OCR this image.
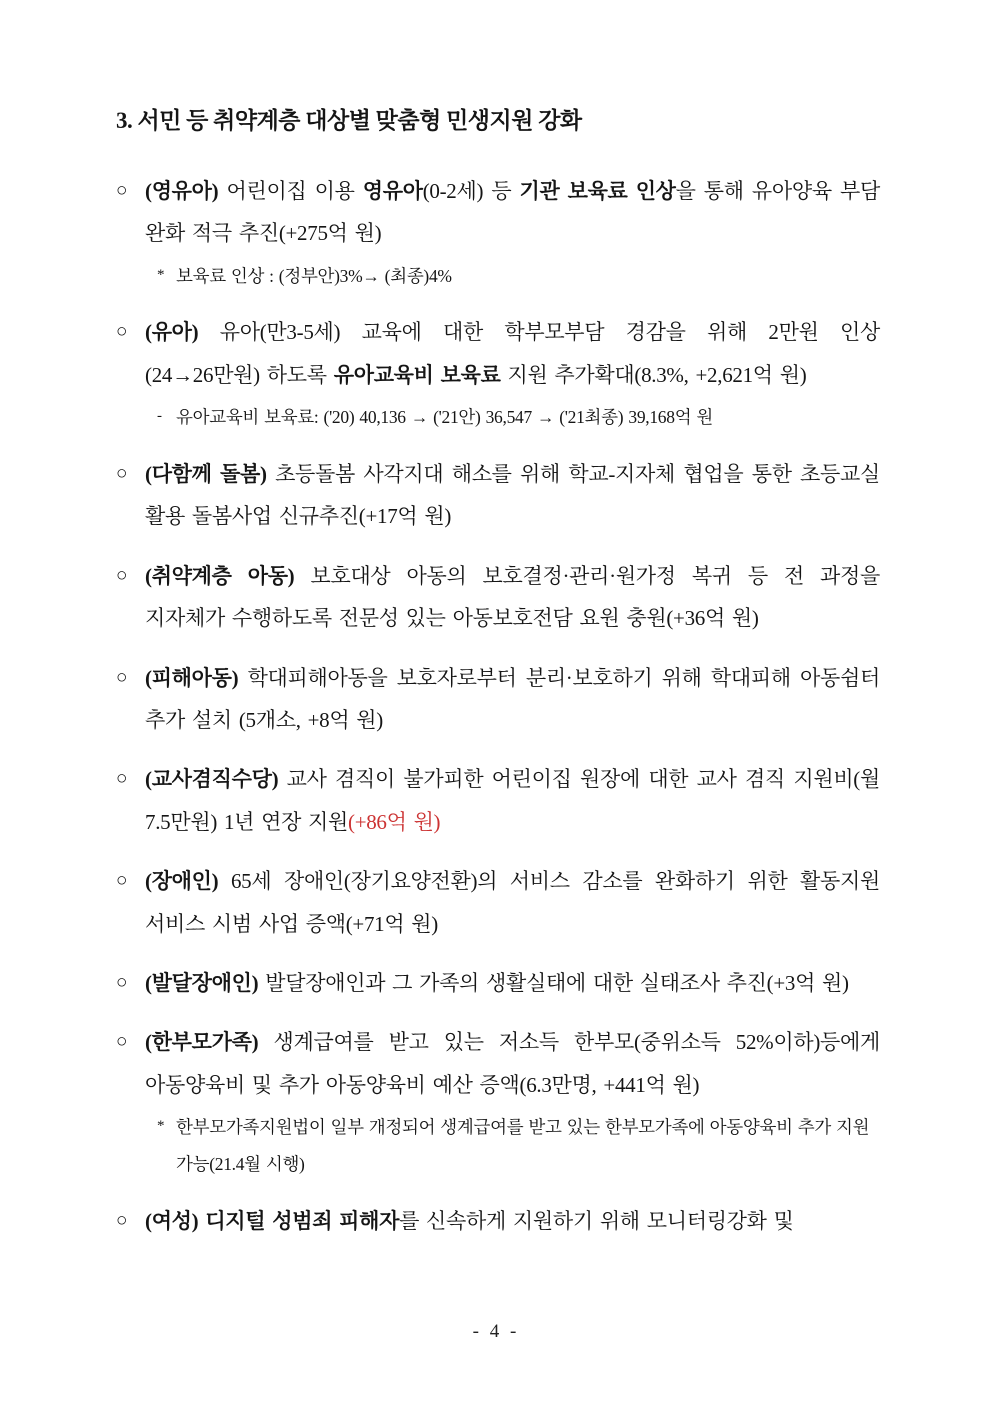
3. 서민 등 취약계층 대상별 맞춤형 민생지원 강화
○ (영유아) 어린이집 이용 영유아(0-2세) 등 기관 보육료 인상을 통해 유아양육 부담 완화 적극 추진(+275억 원)
* 보육료 인상 : (정부안)3%→ (최종)4%
○ (유아) 유아(만3-5세) 교육에 대한 학부모부담 경감을 위해 2만원 인상 (24→26만원) 하도록 유아교육비 보육료 지원 추가확대(8.3%, +2,621억 원)
- 유아교육비 보육료: ('20) 40,136 → ('21안) 36,547 → ('21최종) 39,168억 원
○ (다함께 돌봄) 초등돌봄 사각지대 해소를 위해 학교-지자체 협업을 통한 초등교실 활용 돌봄사업 신규추진(+17억 원)
○ (취약계층 아동) 보호대상 아동의 보호결정·관리·원가정 복귀 등 전 과정을 지자체가 수행하도록 전문성 있는 아동보호전담 요원 충원(+36억 원)
○ (피해아동) 학대피해아동을 보호자로부터 분리·보호하기 위해 학대피해 아동쉼터 추가 설치 (5개소, +8억 원)
○ (교사겸직수당) 교사 겸직이 불가피한 어린이집 원장에 대한 교사 겸직 지원비(월 7.5만원) 1년 연장 지원(+86억 원)
○ (장애인) 65세 장애인(장기요양전환)의 서비스 감소를 완화하기 위한 활동지원 서비스 시범 사업 증액(+71억 원)
○ (발달장애인) 발달장애인과 그 가족의 생활실태에 대한 실태조사 추진(+3억 원)
○ (한부모가족) 생계급여를 받고 있는 저소득 한부모(중위소득 52%이하)등에게 아동양육비 및 추가 아동양육비 예산 증액(6.3만명, +441억 원)
* 한부모가족지원법이 일부 개정되어 생계급여를 받고 있는 한부모가족에 아동양육비 추가 지원 가능(21.4월 시행)
○ (여성) 디지털 성범죄 피해자를 신속하게 지원하기 위해 모니터링강화 및
- 4 -
